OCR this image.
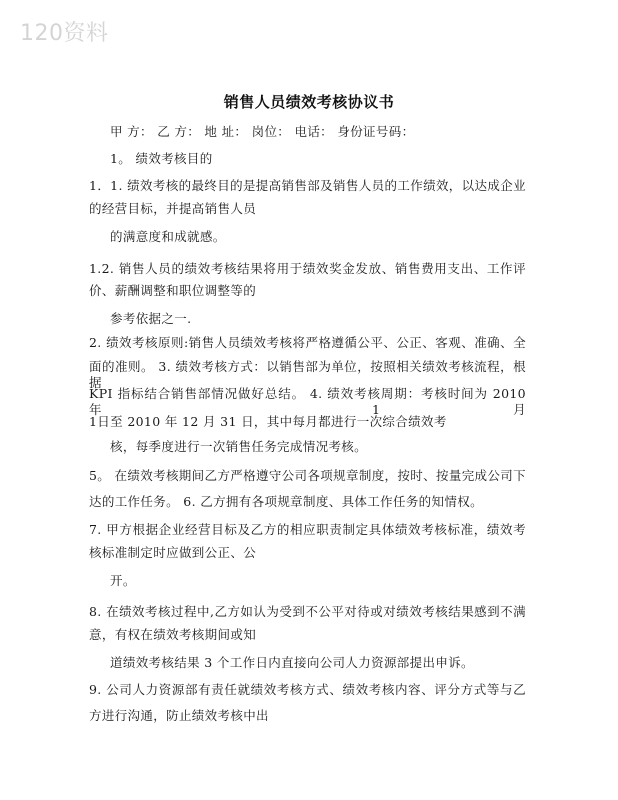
120资料
销售人员绩效考核协议书
甲 方： 乙 方： 地 址： 岗位： 电话： 身份证号码：
1。 绩效考核目的
1．1. 绩效考核的最终目的是提高销售部及销售人员的工作绩效，以达成企业
的经营目标，并提高销售人员
的满意度和成就感。
1.2. 销售人员的绩效考核结果将用于绩效奖金发放、销售费用支出、工作评
价、薪酬调整和职位调整等的
参考依据之一.
2. 绩效考核原则:销售人员绩效考核将严格遵循公平、公正、客观、准确、全
面的准则。 3. 绩效考核方式：以销售部为单位，按照相关绩效考核流程，根据
KPI 指标结合销售部情况做好总结。 4. 绩效考核周期：考核时间为 2010 年 1月
1日至 2010 年 12 月 31 日，其中每月都进行一次综合绩效考
核，每季度进行一次销售任务完成情况考核。
5。 在绩效考核期间乙方严格遵守公司各项规章制度，按时、按量完成公司下
达的工作任务。 6. 乙方拥有各项规章制度、具体工作任务的知情权。
7. 甲方根据企业经营目标及乙方的相应职责制定具体绩效考核标准，绩效考
核标准制定时应做到公正、公
开。
8. 在绩效考核过程中,乙方如认为受到不公平对待或对绩效考核结果感到不满
意，有权在绩效考核期间或知
道绩效考核结果 3 个工作日内直接向公司人力资源部提出申诉。
9. 公司人力资源部有责任就绩效考核方式、绩效考核内容、评分方式等与乙
方进行沟通，防止绩效考核中出
